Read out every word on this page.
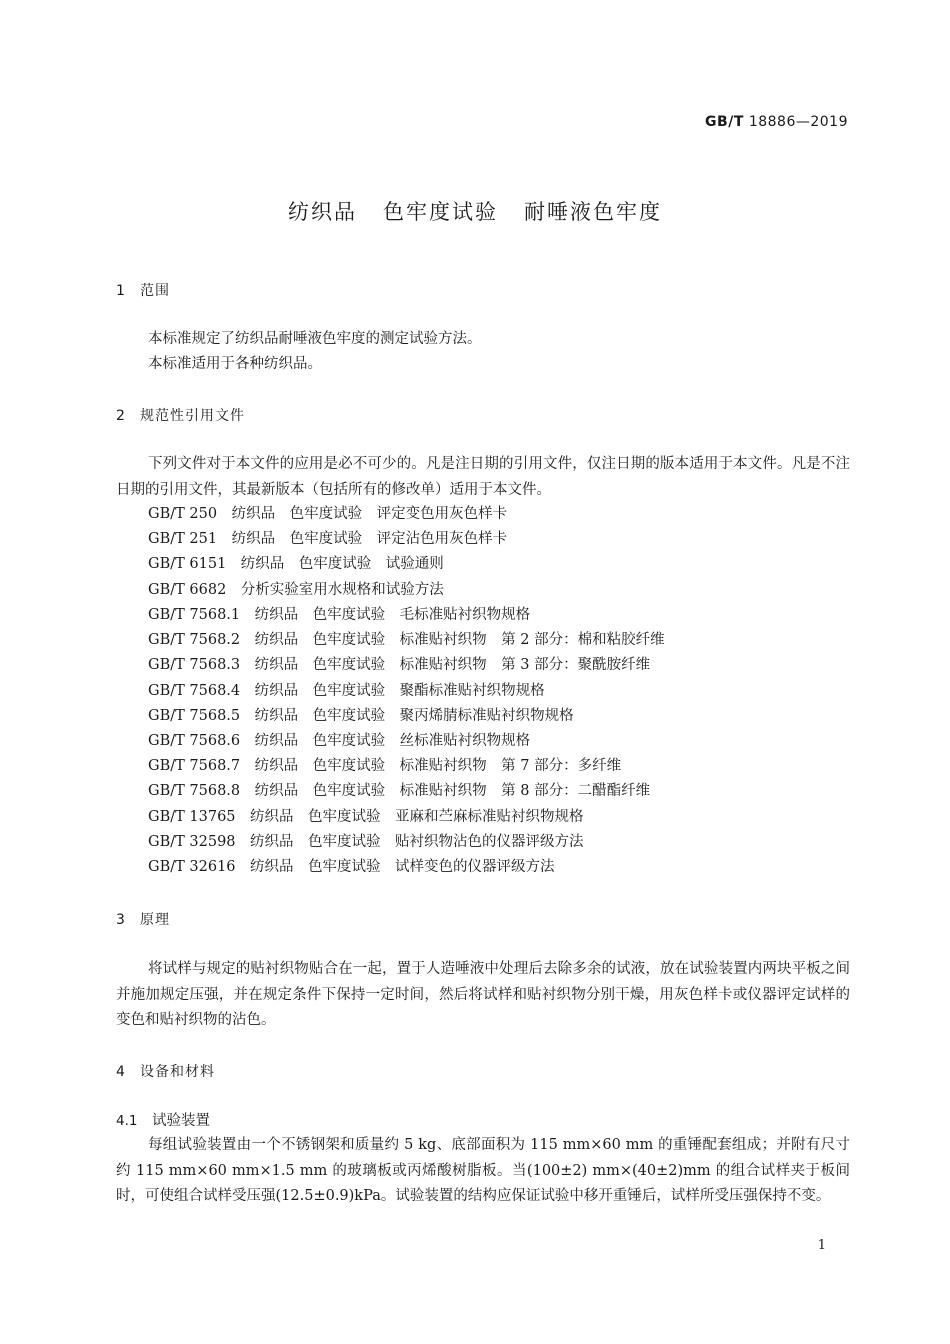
GB/T 18886—2019
纺织品 色牢度试验 耐唾液色牢度
1 范围
本标准规定了纺织品耐唾液色牢度的测定试验方法。
本标准适用于各种纺织品。
2 规范性引用文件
下列文件对于本文件的应用是必不可少的。凡是注日期的引用文件，仅注日期的版本适用于本文件。凡是不注日期的引用文件，其最新版本（包括所有的修改单）适用于本文件。
GB/T 250　纺织品　色牢度试验　评定变色用灰色样卡
GB/T 251　纺织品　色牢度试验　评定沾色用灰色样卡
GB/T 6151　纺织品　色牢度试验　试验通则
GB/T 6682　分析实验室用水规格和试验方法
GB/T 7568.1　纺织品　色牢度试验　毛标准贴衬织物规格
GB/T 7568.2　纺织品　色牢度试验　标准贴衬织物　第 2 部分：棉和粘胶纤维
GB/T 7568.3　纺织品　色牢度试验　标准贴衬织物　第 3 部分：聚酰胺纤维
GB/T 7568.4　纺织品　色牢度试验　聚酯标准贴衬织物规格
GB/T 7568.5　纺织品　色牢度试验　聚丙烯腈标准贴衬织物规格
GB/T 7568.6　纺织品　色牢度试验　丝标准贴衬织物规格
GB/T 7568.7　纺织品　色牢度试验　标准贴衬织物　第 7 部分：多纤维
GB/T 7568.8　纺织品　色牢度试验　标准贴衬织物　第 8 部分：二醋酯纤维
GB/T 13765　纺织品　色牢度试验　亚麻和苎麻标准贴衬织物规格
GB/T 32598　纺织品　色牢度试验　贴衬织物沾色的仪器评级方法
GB/T 32616　纺织品　色牢度试验　试样变色的仪器评级方法
3 原理
将试样与规定的贴衬织物贴合在一起，置于人造唾液中处理后去除多余的试液，放在试验装置内两块平板之间并施加规定压强，并在规定条件下保持一定时间，然后将试样和贴衬织物分别干燥，用灰色样卡或仪器评定试样的变色和贴衬织物的沾色。
4 设备和材料
4.1 试验装置
每组试验装置由一个不锈钢架和质量约 5 kg、底部面积为 115 mm×60 mm 的重锤配套组成；并附有尺寸约 115 mm×60 mm×1.5 mm 的玻璃板或丙烯酸树脂板。当(100±2) mm×(40±2)mm 的组合试样夹于板间时，可使组合试样受压强(12.5±0.9)kPa。试验装置的结构应保证试验中移开重锤后，试样所受压强保持不变。
1
